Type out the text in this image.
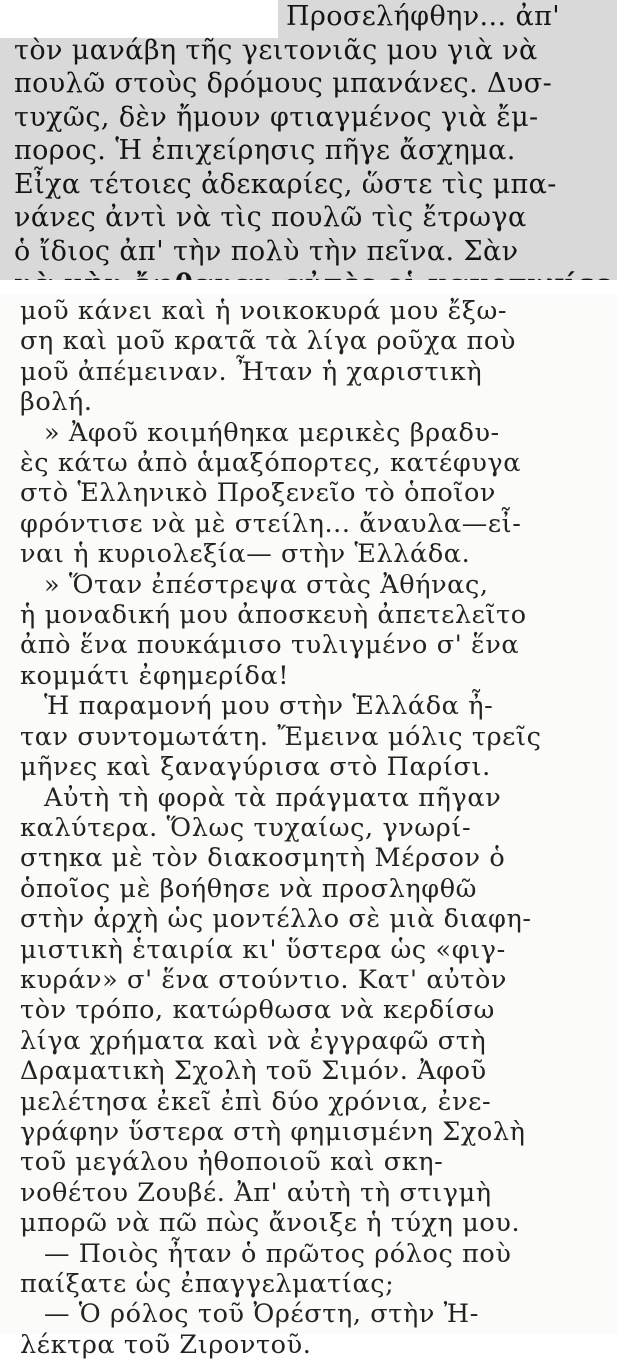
Προσελήφθην... ἀπ'
τὸν μανάβη τῆς γειτονιᾶς μου γιὰ νὰ
πουλῶ στοὺς δρόμους μπανάνες. Δυσ-
τυχῶς, δὲν ἤμουν φτιαγμένος γιὰ ἔμ-
πορος. Ἡ ἐπιχείρησις πῆγε ἄσχημα.
Εἶχα τέτοιες ἀδεκαρίες, ὥστε τὶς μπα-
νάνες ἀντὶ νὰ τὶς πουλῶ τὶς ἔτρωγα
ὁ ἴδιος ἀπ' τὴν πολὺ τὴν πεῖνα. Σὰν
μοῦ κάνει καὶ ἡ νοικοκυρά μου ἔξω-
ση καὶ μοῦ κρατᾶ τὰ λίγα ροῦχα ποὺ
μοῦ ἀπέμειναν. Ἦταν ἡ χαριστικὴ
βολή.
» Ἀφοῦ κοιμήθηκα μερικὲς βραδυ-
ὲς κάτω ἀπὸ ἁμαξόπορτες, κατέφυγα
στὸ Ἑλληνικὸ Προξενεῖο τὸ ὁποῖον
φρόντισε νὰ μὲ στείλη... ἄναυλα—εἶ-
ναι ἡ κυριολεξία— στὴν Ἑλλάδα.
» Ὅταν ἐπέστρεψα στὰς Ἀθήνας,
ἡ μοναδική μου ἀποσκευὴ ἀπετελεῖτο
ἀπὸ ἕνα πουκάμισο τυλιγμένο σ' ἕνα
κομμάτι ἐφημερίδα!
Ἡ παραμονή μου στὴν Ἑλλάδα ἦ-
ταν συντομωτάτη. Ἔμεινα μόλις τρεῖς
μῆνες καὶ ξαναγύρισα στὸ Παρίσι.
Αὐτὴ τὴ φορὰ τὰ πράγματα πῆγαν
καλύτερα. Ὅλως τυχαίως, γνωρί-
στηκα μὲ τὸν διακοσμητὴ Μέρσον ὁ
ὁποῖος μὲ βοήθησε νὰ προσληφθῶ
στὴν ἀρχὴ ὡς μοντέλλο σὲ μιὰ διαφη-
μιστικὴ ἑταιρία κι' ὕστερα ὡς «φιγ-
κυράν» σ' ἕνα στούντιο. Κατ' αὐτὸν
τὸν τρόπο, κατώρθωσα νὰ κερδίσω
λίγα χρήματα καὶ νὰ ἐγγραφῶ στὴ
Δραματικὴ Σχολὴ τοῦ Σιμόν. Ἀφοῦ
μελέτησα ἐκεῖ ἐπὶ δύο χρόνια, ἐνε-
γράφην ὕστερα στὴ φημισμένη Σχολὴ
τοῦ μεγάλου ἠθοποιοῦ καὶ σκη-
νοθέτου Ζουβέ. Ἀπ' αὐτὴ τὴ στιγμὴ
μπορῶ νὰ πῶ πὼς ἄνοιξε ἡ τύχη μου.
— Ποιὸς ἦταν ὁ πρῶτος ρόλος ποὺ
παίξατε ὡς ἐπαγγελματίας;
— Ὁ ρόλος τοῦ Ὀρέστη, στὴν Ἠ-
λέκτρα τοῦ Ζιροντοῦ.
